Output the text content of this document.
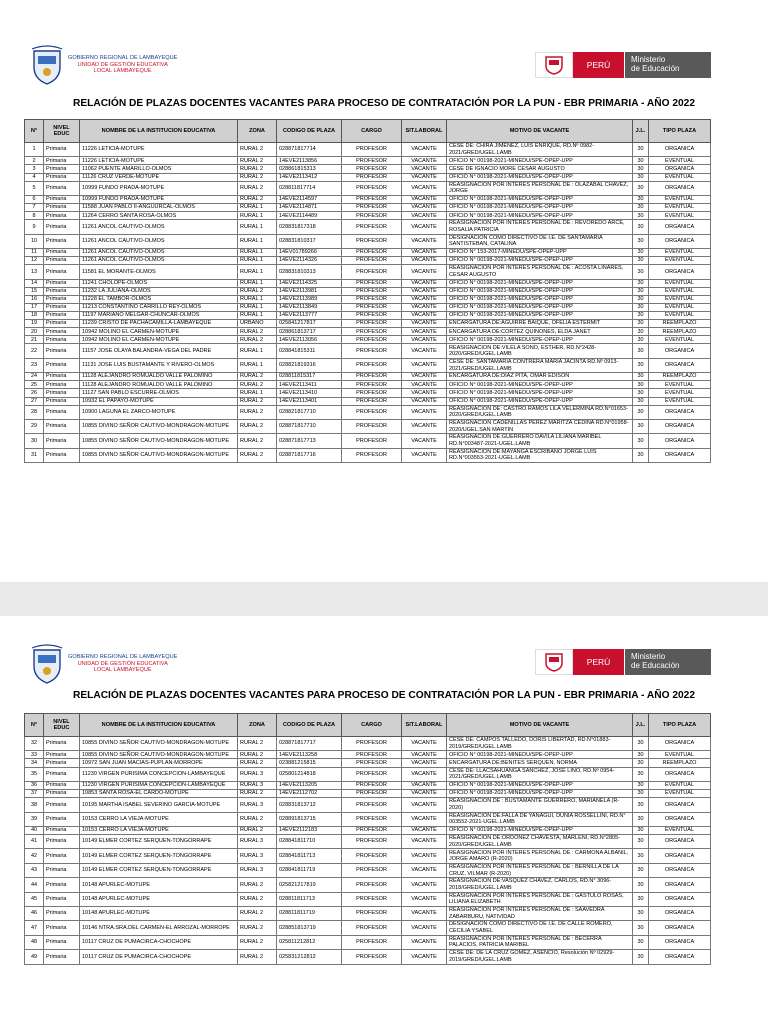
GOBIERNO REGIONAL DE LAMBAYEQUE
UNIDAD DE GESTIÓN EDUCATIVA
LOCAL LAMBAYEQUE
PERÚ
Ministerio
de Educación
RELACIÓN DE PLAZAS DOCENTES VACANTES PARA PROCESO DE CONTRATACIÓN POR LA PUN - EBR PRIMARIA - AÑO 2022
N°	NIVEL EDUC	NOMBRE DE LA INSTITUCION EDUCATIVA	ZONA	CODIGO DE PLAZA	CARGO	SIT.LABORAL	MOTIVO DE VACANTE	J.L.	TIPO PLAZA
1	Primaria	11226 LETICIA-MOTUPE	RURAL 2	028871817714	PROFESOR	VACANTE	CESE DE: CHIRA JIMENEZ, LUIS ENRIQUE, RD.Nº 0982-2021/GRED/UGEL.LAMB	30	ORGANICA
2	Primaria	11226 LETICIA-MOTUPE	RURAL 2	14EVE2113856	PROFESOR	VACANTE	OFICIO N° 00198-2021-MINEDU/SPE-OPEP-UPP	30	EVENTUAL
3	Primaria	11062 PUENTE AMARILLO-OLMOS	RURAL 2	028861815313	PROFESOR	VACANTE	CESE DE IGNACIO MORE CESAR AUGUSTO	30	ORGANICA
4	Primaria	11126 CRUZ VERDE-MOTUPE	RURAL 2	14EVE2113412	PROFESOR	VACANTE	OFICIO N° 00198-2021-MINEDU/SPE-OPEP-UPP	30	EVENTUAL
5	Primaria	10999 FUNDO PRADA-MOTUPE	RURAL 2	028811817714	PROFESOR	VACANTE	REASIGNACION POR INTERES PERSONAL DE : OLAZABAL CHAVEZ, JORGE	30	ORGANICA
6	Primaria	10999 FUNDO PRADA-MOTUPE	RURAL 2	14EVE2114597	PROFESOR	VACANTE	OFICIO N° 00198-2021-MINEDU/SPE-OPEP-UPP	30	EVENTUAL
7	Primaria	11588 JUAN PABLO II-ANGUURCAL-OLMOS	RURAL 1	14EVE2114871	PROFESOR	VACANTE	OFICIO N° 00198-2021-MINEDU/SPE-OPEP-UPP	30	EVENTUAL
8	Primaria	11264 CERRO SANTA ROSA-OLMOS	RURAL 1	14EVE2114489	PROFESOR	VACANTE	OFICIO N° 00198-2021-MINEDU/SPE-OPEP-UPP	30	EVENTUAL
9	Primaria	11261 ANCOL CAUTIVO-OLMOS	RURAL 1	028831817318	PROFESOR	VACANTE	REASIGNACION POR INTERES PERSONAL DE : REVOREDO ARCE, ROSALIA PATRICIA	30	ORGANICA
10	Primaria	11261 ANCOL CAUTIVO-OLMOS	RURAL 1	028831810317	PROFESOR	VACANTE	DESIGNACION COMO DIRECTIVO DE I.E. DE SANTAMARIA SANTISTEBAN, CATALINA	30	ORGANICA
11	Primaria	11261 ANCOL CAUTIVO-OLMOS	RURAL 1	14EV01789266	PROFESOR	VACANTE	OFICIO N° 153-2017-MINEDU/SPE-OPEP-UPP	30	EVENTUAL
12	Primaria	11261 ANCOL CAUTIVO-OLMOS	RURAL 1	14EVE2114326	PROFESOR	VACANTE	OFICIO N° 00198-2021-MINEDU/SPE-OPEP-UPP	30	EVENTUAL
13	Primaria	11581 EL MORANTE-OLMOS	RURAL 1	028831810313	PROFESOR	VACANTE	REASIGNACION POR INTERES PERSONAL DE : ACOSTA LINARES, CESAR AUGUSTO	30	ORGANICA
14	Primaria	11241 CHOLOPE-OLMOS	RURAL 1	14EVE2114325	PROFESOR	VACANTE	OFICIO N° 00198-2021-MINEDU/SPE-OPEP-UPP	30	EVENTUAL
15	Primaria	11232 LA JULIANA-OLMOS	RURAL 2	14EVE2113981	PROFESOR	VACANTE	OFICIO N° 00198-2021-MINEDU/SPE-OPEP-UPP	30	EVENTUAL
16	Primaria	11228 EL TAMBOR-OLMOS	RURAL 1	14EVE2113989	PROFESOR	VACANTE	OFICIO N° 00198-2021-MINEDU/SPE-OPEP-UPP	30	EVENTUAL
17	Primaria	11213 CONSTANTINO CARRILLO REY-OLMOS	RURAL 1	14EVE2113849	PROFESOR	VACANTE	OFICIO N° 00198-2021-MINEDU/SPE-OPEP-UPP	30	EVENTUAL
18	Primaria	11197 MARIANO MELGAR-CHUNCAR-OLMOS	RURAL 1	14EVE2113777	PROFESOR	VACANTE	OFICIO N° 00198-2021-MINEDU/SPE-OPEP-UPP	30	EVENTUAL
19	Primaria	11239 CRISTO DE PACHACAMILLA-LAMBAYEQUE	URBANO	025841217817	PROFESOR	VACANTE	ENCARGATURA DE:AGUIRRE BAIQUE, OFELIA ESTERMIT	30	REEMPLAZO
20	Primaria	10942 MOLINO EL CARMEN-MOTUPE	RURAL 2	028861813717	PROFESOR	VACANTE	ENCARGATURA DE:CORTEZ QUINONES, ELDA JANET	30	REEMPLAZO
21	Primaria	10942 MOLINO EL CARMEN-MOTUPE	RURAL 2	14EVE2113056	PROFESOR	VACANTE	OFICIO N° 00198-2021-MINEDU/SPE-OPEP-UPP	30	EVENTUAL
22	Primaria	11157 JOSE OLAYA BALANDRA-VEGA DEL PADRE	RURAL 1	028841815311	PROFESOR	VACANTE	REASIGNACION DE:VILELA SONO, ESTHER, RD.N°2428-2020/GRED/UGEL.LAMB	30	ORGANICA
23	Primaria	11131 JOSE LUIS BUSTAMANTE Y RIVERO-OLMOS	RURAL 1	028821819316	PROFESOR	VACANTE	CESE DE: SANTAMARIA CONTRERA MARIA JACINTA RD.Nº 0913-2021/GRED/UGEL.LAMB	30	ORGANICA
24	Primaria	11128 ALEJANDRO ROMUALDO VALLE PALOMINO	RURAL 2	028811815317	PROFESOR	VACANTE	ENCARGATURA DE:DIAZ PITA, OMAR EDISON	30	REEMPLAZO
25	Primaria	11128 ALEJANDRO ROMUALDO VALLE PALOMINO	RURAL 2	14EVE2113411	PROFESOR	VACANTE	OFICIO N° 00198-2021-MINEDU/SPE-OPEP-UPP	30	EVENTUAL
26	Primaria	11127 SAN PABLO ESCURRE-OLMOS	RURAL 1	14EVE2113410	PROFESOR	VACANTE	OFICIO N° 00198-2021-MINEDU/SPE-OPEP-UPP	30	EVENTUAL
27	Primaria	10932 EL PAPAYO-MOTUPE	RURAL 2	14EVE2113401	PROFESOR	VACANTE	OFICIO N° 00198-2021-MINEDU/SPE-OPEP-UPP	30	EVENTUAL
28	Primaria	10900 LAGUNA EL ZARCO-MOTUPE	RURAL 2	028821817710	PROFESOR	VACANTE	REASIGNACION DE: CASTRO RAMOS LILA VELERMINA RD.N°01653-2020/GRED/UGEL.LAMB	30	ORGANICA
29	Primaria	10855 DIVINO SEÑOR CAUTIVO-MONDRAGON-MOTUPE	RURAL 2	028871817710	PROFESOR	VACANTE	REASIGNACION CADENILLAS PEREZ MARITZA CEDINA RD.N°01958-2020/UGEL.SAN MARTIN	30	ORGANICA
30	Primaria	10855 DIVINO SEÑOR CAUTIVO-MONDRAGON-MOTUPE	RURAL 2	028871817713	PROFESOR	VACANTE	REASIGNACION DE:GUERRERO DAVILA LILIANA MARIBEL RD.N°003487-2021-UGEL.LAMB	30	ORGANICA
31	Primaria	10855 DIVINO SEÑOR CAUTIVO-MONDRAGON-MOTUPE	RURAL 2	028871817716	PROFESOR	VACANTE	REASIGNACION DE:MAYANGA ESCRIBANO JORGE LUIS RD.N°003553-2021-UGEL.LAMB	30	ORGANICA
GOBIERNO REGIONAL DE LAMBAYEQUE
UNIDAD DE GESTIÓN EDUCATIVA
LOCAL LAMBAYEQUE
PERÚ
Ministerio
de Educación
RELACIÓN DE PLAZAS DOCENTES VACANTES PARA PROCESO DE CONTRATACIÓN POR LA PUN - EBR PRIMARIA - AÑO 2022
N°	NIVEL EDUC	NOMBRE DE LA INSTITUCION EDUCATIVA	ZONA	CODIGO DE PLAZA	CARGO	SIT.LABORAL	MOTIVO DE VACANTE	J.L.	TIPO PLAZA
32	Primaria	10855 DIVINO SEÑOR CAUTIVO-MONDRAGON-MOTUPE	RURAL 2	028871817717	PROFESOR	VACANTE	CESE DE: CAMPOS TALLEDO, DORIS LIBERTAD, RD.N°01883-2019/GRED/UGEL.LAMB	30	ORGANICA
33	Primaria	10855 DIVINO SEÑOR CAUTIVO-MONDRAGON-MOTUPE	RURAL 2	14EVE2113258	PROFESOR	VACANTE	OFICIO N° 00198-2021-MINEDU/SPE-OPEP-UPP	30	EVENTUAL
34	Primaria	10972 SAN JUAN MACIAS-PUPLAN-MORROPE	RURAL 2	023881215815	PROFESOR	VACANTE	ENCARGATURA DE:BENITES SERQUEN, NORMA	30	REEMPLAZO
35	Primaria	11230 VIRGEN PURISIMA CONCEPCION-LAMBAYEQUE	RURAL 3	025801214818	PROFESOR	VACANTE	CESE DE: LLACSAHUANGA SANCHEZ, JOSE LINO, RD.Nº 0954-2021/GRED/UGEL.LAMB	30	ORGANICA
36	Primaria	11230 VIRGEN PURISIMA CONCEPCION-LAMBAYEQUE	RURAL 3	14EVE2113205	PROFESOR	VACANTE	OFICIO N° 00198-2021-MINEDU/SPE-OPEP-UPP	30	EVENTUAL
37	Primaria	10853 SANTA ROSA-EL CARDO-MOTUPE	RURAL 2	14EVE2112702	PROFESOR	VACANTE	OFICIO N° 00198-2021-MINEDU/SPE-OPEP-UPP	30	EVENTUAL
38	Primaria	10195 MARTHA ISABEL SEVERINO GARCIA-MOTUPE	RURAL 3	028831813712	PROFESOR	VACANTE	REASIGNACION DE : BUSTAMANTE GUERRERO, MARIANELA (R-2020)	30	ORGANICA
39	Primaria	10153 CERRO LA VIEJA-MOTUPE	RURAL 2	028891813715	PROFESOR	VACANTE	REASIGNACION DE:FALLA DE YANAGUI, DUNIA ROSSELLINI, RD.N° 003552-2021-UGEL.LAMB	30	ORGANICA
40	Primaria	10153 CERRO LA VIEJA-MOTUPE	RURAL 2	14EVE2112183	PROFESOR	VACANTE	OFICIO N° 00198-2021-MINEDU/SPE-OPEP-UPP	30	EVENTUAL
41	Primaria	10149 ELMER CORTEZ SERQUEN-TONGORRAPE	RURAL 3	028841811710	PROFESOR	VACANTE	REASIGNACION DE:ORDONEZ CHAVESTA, MARLENI, RD.N°2805-2020/GRED/UGEL.LAMB	30	ORGANICA
42	Primaria	10149 ELMER CORTEZ SERQUEN-TONGORRAPE	RURAL 3	028841811713	PROFESOR	VACANTE	REASIGNACION POR INTERES PERSONAL DE : CARMONA ALBANIL, JORGE AMARO (R-2020)	30	ORGANICA
43	Primaria	10149 ELMER CORTEZ SERQUEN-TONGORRAPE	RURAL 3	028841811719	PROFESOR	VACANTE	REASIGNACION POR INTERES PERSONAL DE : BERNILLA DE LA CRUZ, VILMAR (R-2020)	30	ORGANICA
44	Primaria	10148 APURLEC-MOTUPE	RURAL 2	025821217819	PROFESOR	VACANTE	REASIGNACION DE:VASQUEZ CHAVEZ, CARLOS, RD.N° 3096-2018/GRED/UGEL.LAMB	30	ORGANICA
45	Primaria	10148 APURLEC-MOTUPE	RURAL 2	028811811713	PROFESOR	VACANTE	REASIGNACION POR INTERES PERSONAL DE : GASTULO ROSAS, LILIANA ELIZABETH	30	ORGANICA
46	Primaria	10148 APURLEC-MOTUPE	RURAL 2	028811811719	PROFESOR	VACANTE	REASIGNACION POR INTERES PERSONAL DE : SAAVEDRA ZABARBURU, NATIVIDAD	30	ORGANICA
47	Primaria	10146 NTRA.SRA.DEL CARMEN-EL ARROZAL-MORROPE	RURAL 2	028851813719	PROFESOR	VACANTE	DESIGNACION COMO DIRECTIVO DE I.E. DE CALLE ROMERO, CECILIA YSABEL	30	ORGANICA
48	Primaria	10117 CRUZ DE PUMACIRCA-CHOCHOPE	RURAL 2	025811212812	PROFESOR	VACANTE	REASIGNACION POR INTERES PERSONAL DE : BECERRA PALACIOS, PATRICIA MARIBEL	30	ORGANICA
49	Primaria	10117 CRUZ DE PUMACIRCA-CHOCHOPE	RURAL 2	025831212812	PROFESOR	VACANTE	CESE DE: DE LA CRUZ GOMEZ, ASENCIO, Resolución Nº 02929-2019/GRED/UGEL.LAMB	30	ORGANICA
